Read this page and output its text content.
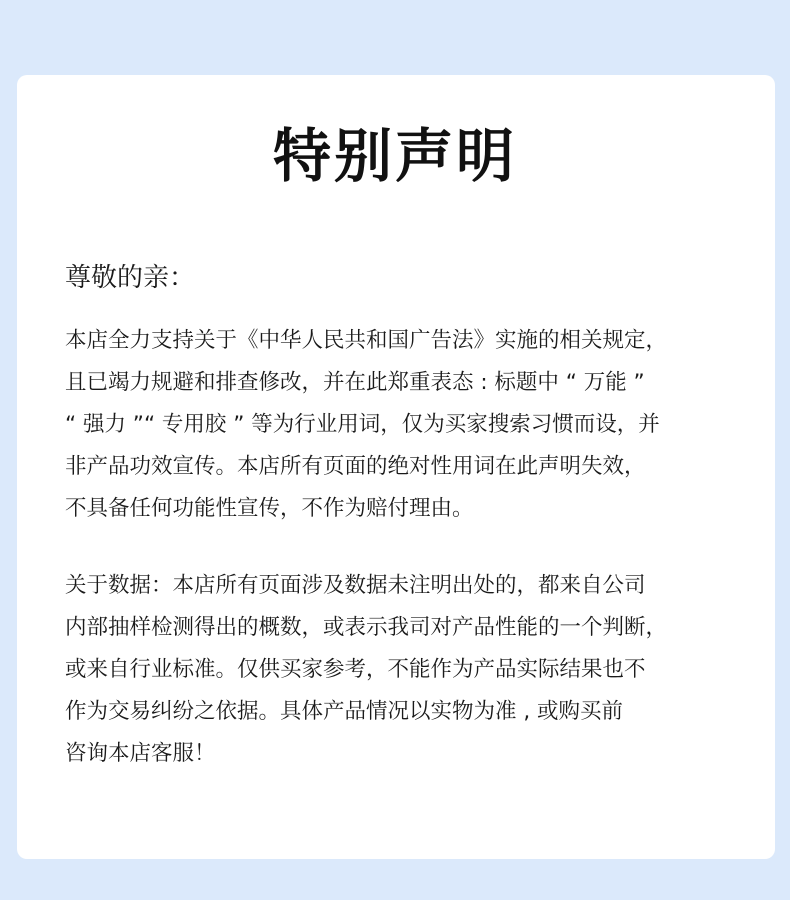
特别声明
尊敬的亲：
本店全力支持关于《中华人民共和国广告法》实施的相关规定，
且已竭力规避和排查修改，并在此郑重表态 : 标题中 “ 万能 ”
“ 强力 ”“ 专用胶 ” 等为行业用词，仅为买家搜索习惯而设，并
非产品功效宣传。本店所有页面的绝对性用词在此声明失效，
不具备任何功能性宣传，不作为赔付理由。
关于数据：本店所有页面涉及数据未注明出处的，都来自公司
内部抽样检测得出的概数，或表示我司对产品性能的一个判断，
或来自行业标准。仅供买家参考，不能作为产品实际结果也不
作为交易纠纷之依据。具体产品情况以实物为准 , 或购买前
咨询本店客服！
